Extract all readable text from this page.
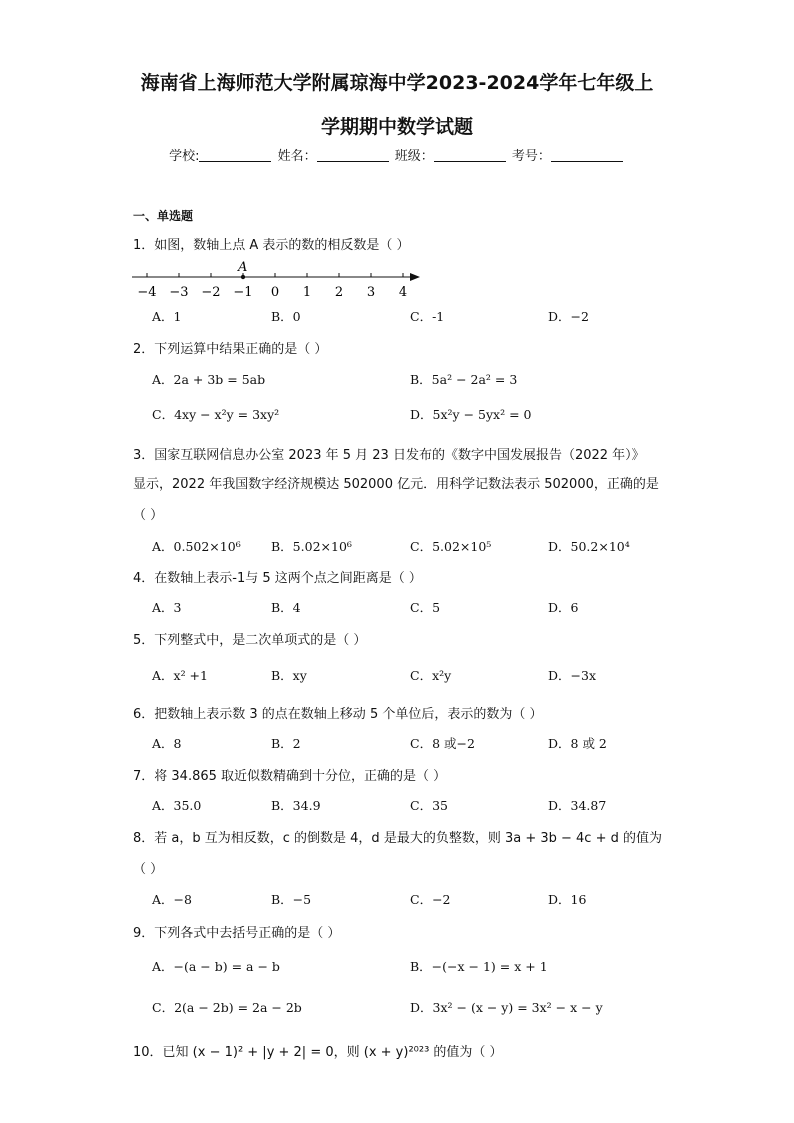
海南省上海师范大学附属琼海中学2023-2024学年七年级上
学期期中数学试题
学校:	姓名：	班级：	考号：
一、单选题
1．如图，数轴上点 A 表示的数的相反数是（ ）
−4 −3 −2 −1 0 1 2 3 4
A
A．1	B．0	C．-1	D．−2
2．下列运算中结果正确的是（ ）
A．2a + 3b = 5ab	B．5a² − 2a² = 3
C．4xy − x²y = 3xy²	D．5x²y − 5yx² = 0
3．国家互联网信息办公室 2023 年 5 月 23 日发布的《数字中国发展报告（2022 年）》
显示，2022 年我国数字经济规模达 502000 亿元．用科学记数法表示 502000，正确的是
（ ）
A．0.502×10⁶ B．5.02×10⁶	C．5.02×10⁵	D．50.2×10⁴
4．在数轴上表示-1与 5 这两个点之间距离是（ ）
A．3	B．4	C．5	D．6
5．下列整式中，是二次单项式的是（ ）
A．x² +1	B．xy	C．x²y	D．−3x
6．把数轴上表示数 3 的点在数轴上移动 5 个单位后，表示的数为（ ）
A．8	B．2	C．8 或−2	D．8 或 2
7．将 34.865 取近似数精确到十分位，正确的是（ ）
A．35.0	B．34.9	C．35	D．34.87
8．若 a，b 互为相反数，c 的倒数是 4，d 是最大的负整数，则 3a + 3b − 4c + d 的值为
（ ）
A．−8	B．−5	C．−2	D．16
9．下列各式中去括号正确的是（ ）
A．−(a − b) = a − b	B．−(−x − 1) = x + 1
C．2(a − 2b) = 2a − 2b	D．3x² − (x − y) = 3x² − x − y
10．已知 (x − 1)² + |y + 2| = 0，则 (x + y)²⁰²³ 的值为（ ）
